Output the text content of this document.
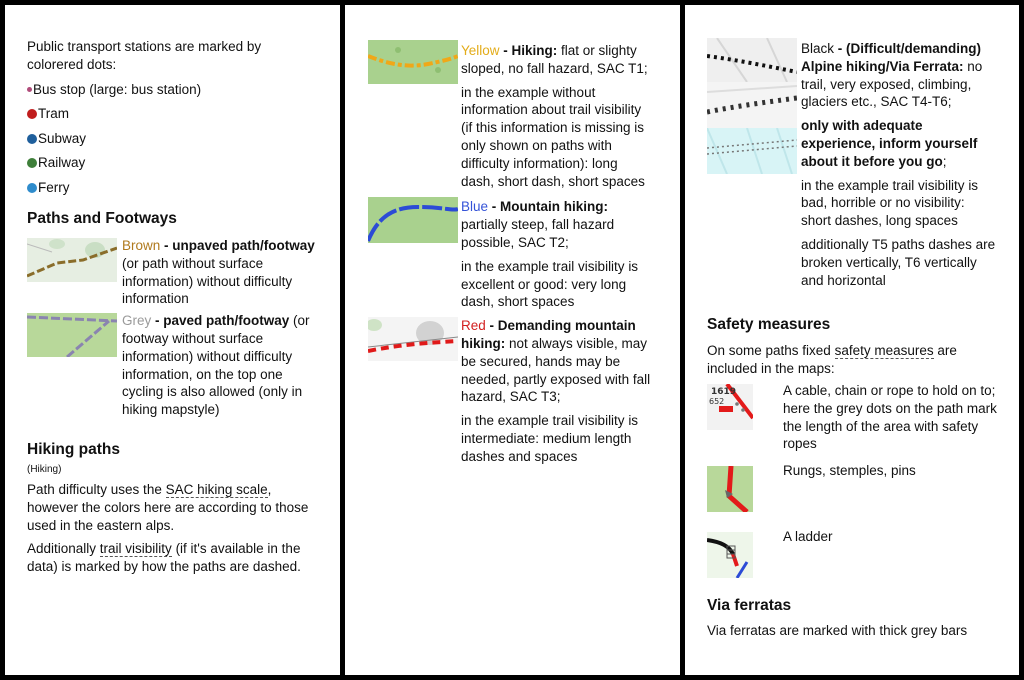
Public transport stations are marked by colorered dots:

Bus stop (large: bus station)
Tram
Subway
Railway
Ferry

Paths and Footways

Brown - unpaved path/footway (or path without surface information) without difficulty information

Grey - paved path/footway (or footway without surface information) without difficulty information, on the top one cycling is also allowed (only in hiking mapstyle)

Hiking paths

(Hiking)

Path difficulty uses the SAC hiking scale, however the colors here are according to those used in the eastern alps.

Additionally trail visibility (if it's available in the data) is marked by how the paths are dashed.

Yellow - Hiking: flat or slighty sloped, no fall hazard, SAC T1;

in the example without information about trail visibility (if this information is missing is only shown on paths with difficulty information): long dash, short dash, short spaces

Blue - Mountain hiking: partially steep, fall hazard possible, SAC T2;

in the example trail visibility is excellent or good: very long dash, short spaces

Red - Demanding mountain hiking: not always visible, may be secured, hands may be needed, partly exposed with fall hazard, SAC T3;

in the example trail visibility is intermediate: medium length dashes and spaces

Black - (Difficult/demanding) Alpine hiking/Via Ferrata: no trail, very exposed, climbing, glaciers etc., SAC T4-T6;

only with adequate experience, inform yourself about it before you go;

in the example trail visibility is bad, horrible or no visibility: short dashes, long spaces

additionally T5 paths dashes are broken vertically, T6 vertically and horizontal

Safety measures

On some paths fixed safety measures are included in the maps:

1619
652

A cable, chain or rope to hold on to; here the grey dots on the path mark the length of the area with safety ropes

Rungs, stemples, pins

A ladder

Via ferratas

Via ferratas are marked with thick grey bars
